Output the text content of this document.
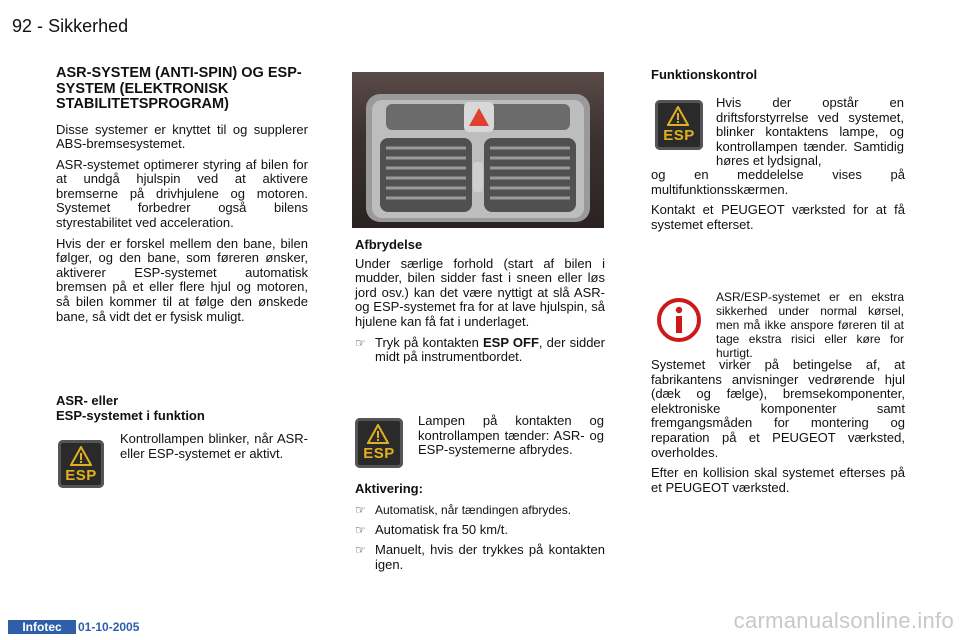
92 - Sikkerhed

ASR-SYSTEM (ANTI-SPIN) OG ESP-SYSTEM (ELEKTRONISK STABILITETSPROGRAM)

Disse systemer er knyttet til og supplerer ABS-bremsesystemet.

ASR-systemet optimerer styring af bilen for at undgå hjulspin ved at aktivere bremserne på drivhjulene og motoren. Systemet forbedrer også bilens styrestabilitet ved acceleration.

Hvis der er forskel mellem den bane, bilen følger, og den bane, som føreren ønsker, aktiverer ESP-systemet automatisk bremsen på et eller flere hjul og motoren, så bilen kommer til at følge den ønskede bane, så vidt det er fysisk muligt.

ASR- eller
ESP-systemet i funktion
ESP

Kontrollampen blinker, når ASR- eller ESP-systemet er aktivt.

Afbrydelse

Under særlige forhold (start af bilen i mudder, bilen sidder fast i sneen eller løs jord osv.) kan det være nyttigt at slå ASR- og ESP-systemet fra for at lave hjulspin, så hjulene kan få fat i underlaget.

☞ Tryk på kontakten ESP OFF, der sidder midt på instrumentbordet.
ESP

Lampen på kontakten og kontrollampen tænder: ASR- og ESP-systemerne afbrydes.

Aktivering:
☞ Automatisk, når tændingen afbrydes.
☞ Automatisk fra 50 km/t.
☞ Manuelt, hvis der trykkes på kontakten igen.
Funktionskontrol
ESP

Hvis der opstår en driftsforstyrrelse ved systemet, blinker kontaktens lampe, og kontrollampen tænder. Samtidig høres et lydsignal,

og en meddelelse vises på multifunktionsskærmen.

Kontakt et PEUGEOT værksted for at få systemet efterset.

ASR/ESP-systemet er en ekstra sikkerhed under normal kørsel, men må ikke anspore føreren til at tage ekstra risici eller køre for hurtigt.

Systemet virker på betingelse af, at fabrikantens anvisninger vedrørende hjul (dæk og fælge), bremsekomponenter, elektroniske komponenter samt fremgangsmåden for montering og reparation på et PEUGEOT værksted, overholdes.

Efter en kollision skal systemet efterses på et PEUGEOT værksted.

Infotec	01-10-2005	carmanualsonline.info
